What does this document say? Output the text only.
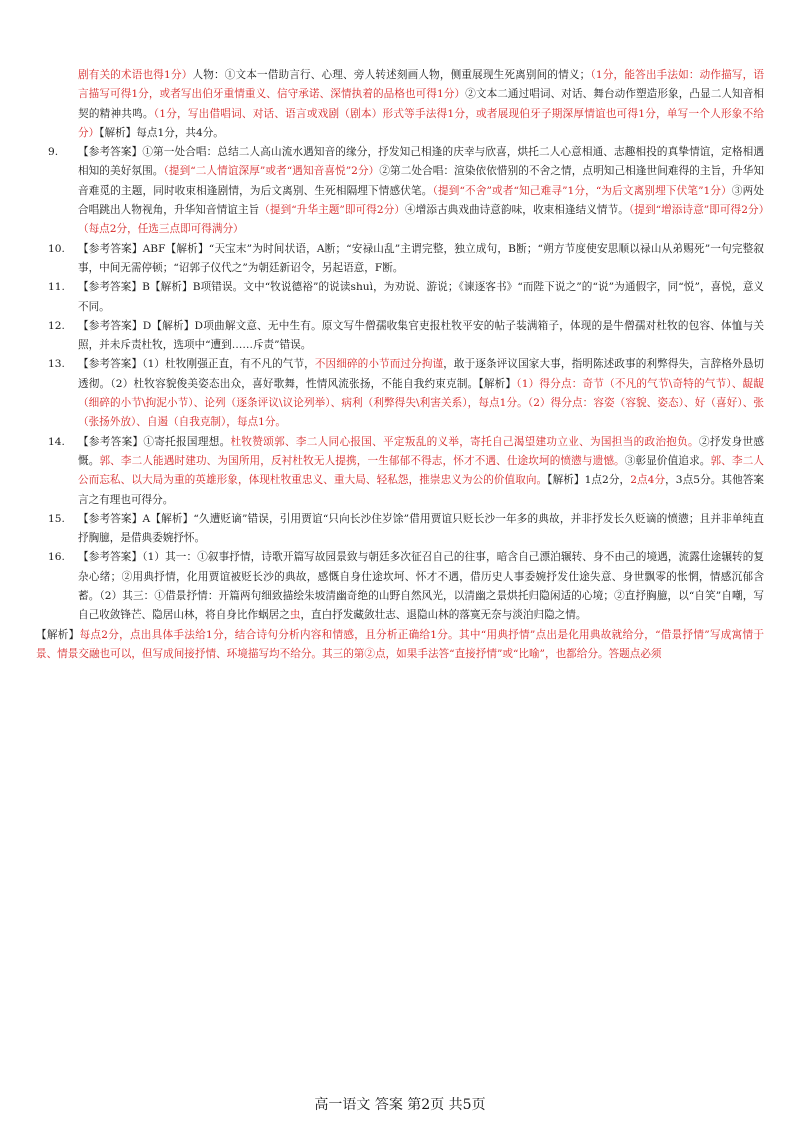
剧有关的术语也得1分）人物：①文本一借助言行、心理、旁人转述刻画人物，侧重展现生死离别间的情义；（1分，能答出手法如：动作描写，语言描写可得1分，或者写出伯牙重情重义、信守承诺、深情执着的品格也可得1分）②文本二通过唱词、对话、舞台动作塑造形象，凸显二人知音相契的精神共鸣。（1分，写出借唱词、对话、语言或戏剧（剧本）形式等手法得1分，或者展现伯牙子期深厚情谊也可得1分，单写一个人形象不给分）【解析】每点1分，共4分。
9.	【参考答案】①第一处合唱：总结二人高山流水遇知音的缘分，抒发知己相逢的庆幸与欣喜，烘托二人心意相通、志趣相投的真挚情谊，定格相遇相知的美好氛围。（提到“二人情谊深厚”或者“遇知音喜悦”2分）②第二处合唱：渲染依依惜别的不舍之情，点明知己相逢世间难得的主旨，升华知音难觅的主题，同时收束相逢剧情，为后文离别、生死相隔埋下情感伏笔。（提到“不舍”或者“知己难寻”1分，“为后文离别埋下伏笔”1分）③两处合唱跳出人物视角，升华知音情谊主旨（提到“升华主题”即可得2分）④增添古典戏曲诗意韵味，收束相逢结义情节。（提到“增添诗意”即可得2分）（每点2分，任选三点即可得满分）
10.	【参考答案】ABF【解析】“天宝末”为时间状语，A断；“安禄山乱”主谓完整，独立成句，B断；“朔方节度使安思顺以禄山从弟赐死”一句完整叙事，中间无需停顿；“诏郭子仪代之”为朝廷新诏令，另起语意，F断。
11.	【参考答案】B【解析】B项错误。文中“牧说德裕”的说读shuì，为劝说、游说；《谏逐客书》“而陛下说之”的“说”为通假字，同“悦”，喜悦，意义不同。
12.	【参考答案】D【解析】D项曲解文意、无中生有。原文写牛僧孺收集官吏报杜牧平安的帖子装满箱子，体现的是牛僧孺对杜牧的包容、体恤与关照，并未斥责杜牧，选项中“遭到……斥责”错误。
13.	【参考答案】（1）杜牧刚强正直，有不凡的气节，不因细碎的小节而过分拘谨，敢于逐条评议国家大事，指明陈述政事的利弊得失，言辞格外恳切透彻。（2）杜牧容貌俊美姿态出众，喜好歌舞，性情风流张扬，不能自我约束克制。【解析】（1）得分点：奇节（不凡的气节\奇特的气节）、龊龊（细碎的小节\拘泥小节）、论列（逐条评议\议论列举）、病利（利弊得失\利害关系），每点1分。（2）得分点：容姿（容貌、姿态）、好（喜好）、张（张扬外放）、自遏（自我克制），每点1分。
14.	【参考答案】①寄托报国理想。杜牧赞颂郭、李二人同心报国、平定叛乱的义举，寄托自己渴望建功立业、为国担当的政治抱负。②抒发身世感慨。郭、李二人能遇时建功、为国所用，反衬杜牧无人提携，一生郁郁不得志，怀才不遇、仕途坎坷的愤懑与遗憾。③彰显价值追求。郭、李二人公而忘私、以大局为重的英雄形象，体现杜牧重忠义、重大局、轻私怨，推崇忠义为公的价值取向。【解析】1点2分，2点4分，3点5分。其他答案言之有理也可得分。
15.	【参考答案】A【解析】“久遭贬谪”错误，引用贾谊“只向长沙住岁馀”借用贾谊只贬长沙一年多的典故，并非抒发长久贬谪的愤懑；且并非单纯直抒胸臆，是借典委婉抒怀。
16.	【参考答案】（1）其一：①叙事抒情，诗歌开篇写故园景致与朝廷多次征召自己的往事，暗含自己漂泊辗转、身不由己的境遇，流露仕途辗转的复杂心绪；②用典抒情，化用贾谊被贬长沙的典故，感慨自身仕途坎坷、怀才不遇，借历史人事委婉抒发仕途失意、身世飘零的怅惘，情感沉郁含蓄。（2）其三：①借景抒情：开篇两句细致描绘朱坡清幽奇绝的山野自然风光，以清幽之景烘托归隐闲适的心境；②直抒胸臆，以“自笑”自嘲，写自己收敛锋芒、隐居山林，将自身比作蜗居之虫，直白抒发藏敛壮志、退隐山林的落寞无奈与淡泊归隐之情。
【解析】每点2分，点出具体手法给1分，结合诗句分析内容和情感，且分析正确给1分。其中“用典抒情”点出是化用典故就给分，“借景抒情”写成寓情于景、情景交融也可以，但写成间接抒情、环境描写均不给分。其三的第②点，如果手法答“直接抒情”或“比喻”，也都给分。答题点必须
高一语文 答案 第2页 共5页
